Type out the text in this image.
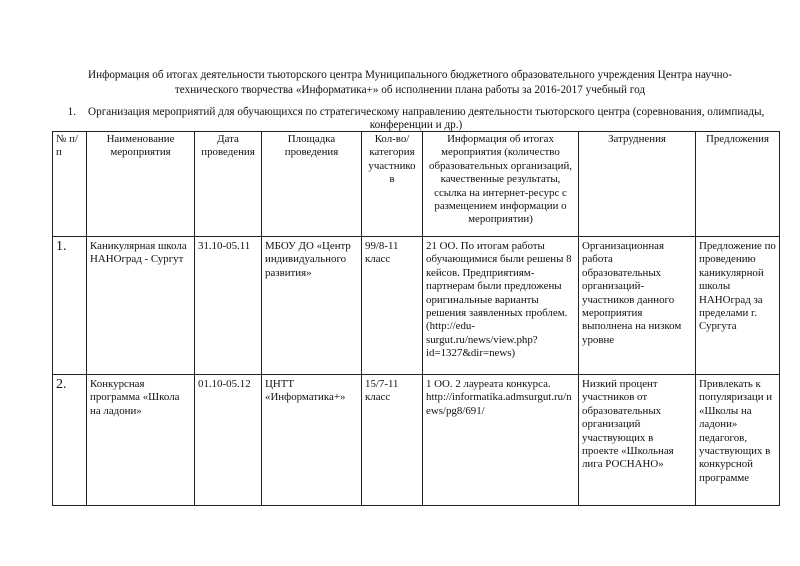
Информация об итогах деятельности тьюторского центра Муниципального бюджетного образовательного учреждения Центра научно-технического творчества «Информатика+» об исполнении плана работы за 2016-2017 учебный год
1. Организация мероприятий для обучающихся по стратегическому направлению деятельности тьюторского центра (соревнования, олимпиады, конференции и др.)
№ п/п	Наименование мероприятия	Дата проведения	Площадка проведения	Кол-во/ категория участнико в	Информация об итогах мероприятия (количество образовательных организаций, качественные результаты, ссылка на интернет-ресурс с размещением информации о мероприятии)	Затруднения	Предложения
1.	Каникулярная школа НАНОград - Сургут	31.10-05.11	МБОУ ДО «Центр индивидуального развития»	99/8-11 класс	21 ОО. По итогам работы обучающимися были решены 8 кейсов. Предприятиям-партнерам были предложены оригинальные варианты решения заявленных проблем. (http://edu-surgut.ru/news/view.php?id=1327&dir=news)	Организационная работа образовательных организаций-участников данного мероприятия выполнена на низком уровне	Предложение по проведению каникулярной школы НАНОград за пределами г. Сургута
2.	Конкурсная программа «Школа на ладони»	01.10-05.12	ЦНТТ «Информатика+»	15/7-11 класс	1 ОО. 2 лауреата конкурса. http://informatika.admsurgut.ru/news/pg8/691/	Низкий процент участников от образовательных организаций участвующих в проекте «Школьная лига РОСНАНО»	Привлекать к популяризаци и «Школы на ладони» педагогов, участвующих в конкурсной программе
